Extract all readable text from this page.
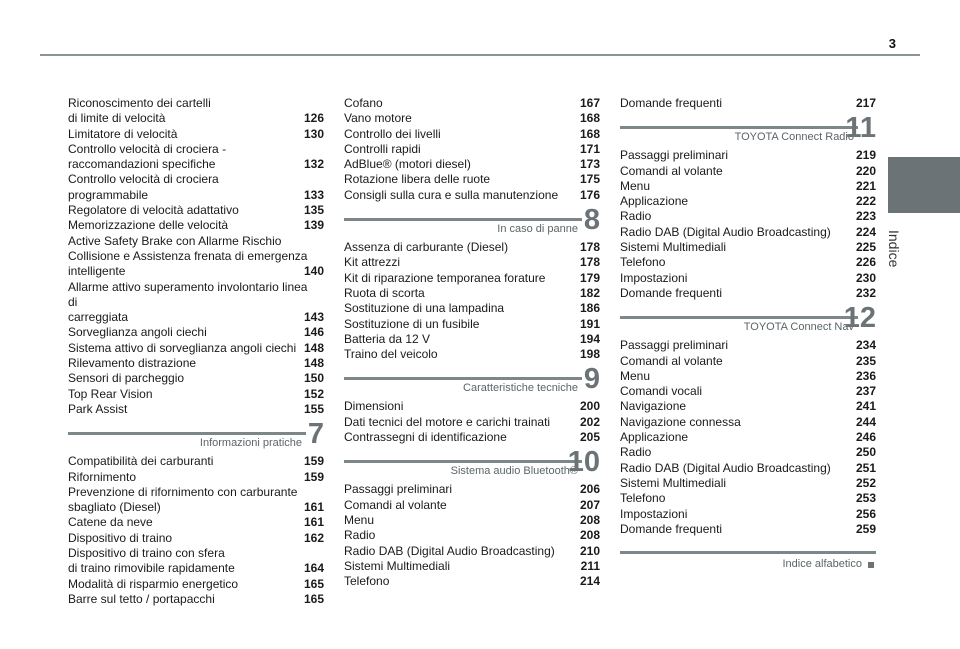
3
Indice
Riconoscimento dei cartelli
di limite di velocità	126
Limitatore di velocità	130
Controllo velocità di crociera -
raccomandazioni specifiche	132
Controllo velocità di crociera
programmabile	133
Regolatore di velocità adattativo	135
Memorizzazione delle velocità	139
Active Safety Brake con Allarme Rischio
Collisione e Assistenza frenata di emergenza
intelligente	140
Allarme attivo superamento involontario linea di
carreggiata	143
Sorveglianza angoli ciechi	146
Sistema attivo di sorveglianza angoli ciechi 148
Rilevamento distrazione	148
Sensori di parcheggio	150
Top Rear Vision	152
Park Assist	155
Informazioni pratiche 7
Compatibilità dei carburanti	159
Rifornimento	159
Prevenzione di rifornimento con carburante
sbagliato (Diesel)	161
Catene da neve	161
Dispositivo di traino	162
Dispositivo di traino con sfera
di traino rimovibile rapidamente	164
Modalità di risparmio energetico	165
Barre sul tetto / portapacchi	165
Cofano	167
Vano motore	168
Controllo dei livelli	168
Controlli rapidi	171
AdBlue® (motori diesel)	173
Rotazione libera delle ruote	175
Consigli sulla cura e sulla manutenzione	176
In caso di panne 8
Assenza di carburante (Diesel)	178
Kit attrezzi	178
Kit di riparazione temporanea forature	179
Ruota di scorta	182
Sostituzione di una lampadina	186
Sostituzione di un fusibile	191
Batteria da 12 V	194
Traino del veicolo	198
Caratteristiche tecniche 9
Dimensioni	200
Dati tecnici del motore e carichi trainati	202
Contrassegni di identificazione	205
Sistema audio Bluetooth®
10
Passaggi preliminari	206
Comandi al volante	207
Menu	208
Radio	208
Radio DAB (Digital Audio Broadcasting)	210
Sistemi Multimediali	211
Telefono	214
Domande frequenti	217
TOYOTA Connect Radio
11
Passaggi preliminari	219
Comandi al volante	220
Menu	221
Applicazione	222
Radio	223
Radio DAB (Digital Audio Broadcasting)	224
Sistemi Multimediali	225
Telefono	226
Impostazioni	230
Domande frequenti	232
TOYOTA Connect Nav
12
Passaggi preliminari	234
Comandi al volante	235
Menu	236
Comandi vocali	237
Navigazione	241
Navigazione connessa	244
Applicazione	246
Radio	250
Radio DAB (Digital Audio Broadcasting)	251
Sistemi Multimediali	252
Telefono	253
Impostazioni	256
Domande frequenti	259
Indice alfabetico
